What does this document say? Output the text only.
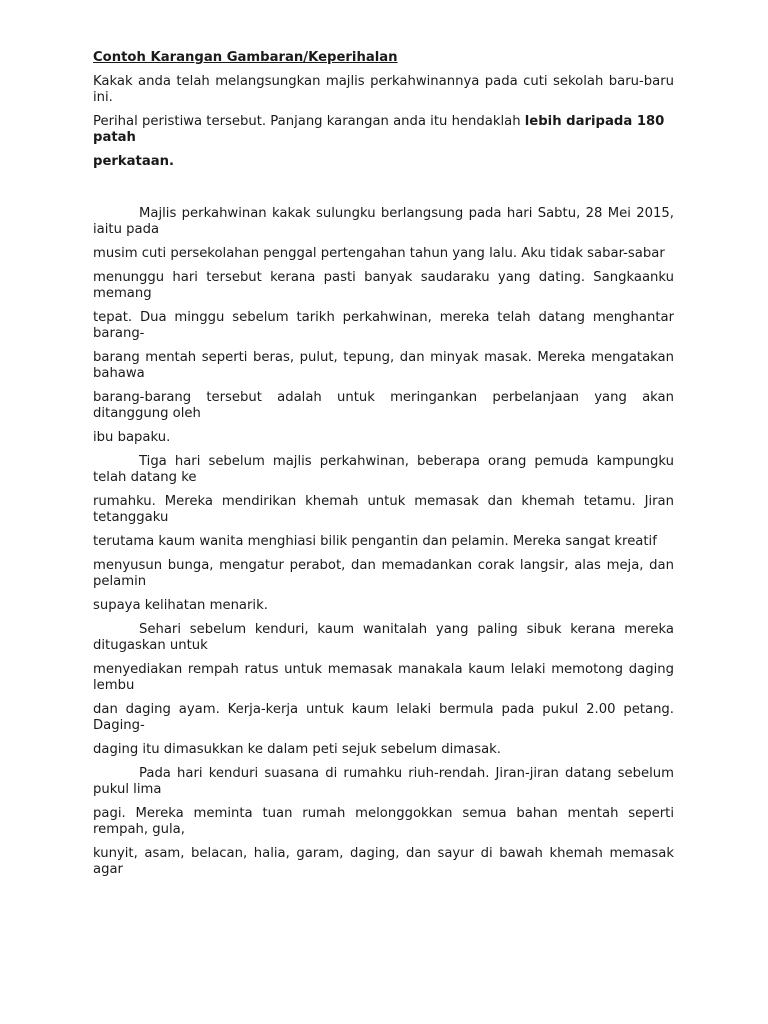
Contoh Karangan Gambaran/Keperihalan
Kakak anda telah melangsungkan majlis perkahwinannya pada cuti sekolah baru-baru ini.
Perihal peristiwa tersebut. Panjang karangan anda itu hendaklah lebih daripada 180 patah
perkataan.
Majlis perkahwinan kakak sulungku berlangsung pada hari Sabtu, 28 Mei 2015, iaitu pada
musim cuti persekolahan penggal pertengahan tahun yang lalu. Aku tidak sabar-sabar
menunggu hari tersebut kerana pasti banyak saudaraku yang dating. Sangkaanku memang
tepat. Dua minggu sebelum tarikh perkahwinan, mereka telah datang menghantar barang-
barang mentah seperti beras, pulut, tepung, dan minyak masak. Mereka mengatakan bahawa
barang-barang tersebut adalah untuk meringankan perbelanjaan yang akan ditanggung oleh
ibu bapaku.
Tiga hari sebelum majlis perkahwinan, beberapa orang pemuda kampungku telah datang ke
rumahku. Mereka mendirikan khemah untuk memasak dan khemah tetamu. Jiran tetanggaku
terutama kaum wanita menghiasi bilik pengantin dan pelamin. Mereka sangat kreatif
menyusun bunga, mengatur perabot, dan memadankan corak langsir, alas meja, dan pelamin
supaya kelihatan menarik.
Sehari sebelum kenduri, kaum wanitalah yang paling sibuk kerana mereka ditugaskan untuk
menyediakan rempah ratus untuk memasak manakala kaum lelaki memotong daging lembu
dan daging ayam. Kerja-kerja untuk kaum lelaki bermula pada pukul 2.00 petang. Daging-
daging itu dimasukkan ke dalam peti sejuk sebelum dimasak.
Pada hari kenduri suasana di rumahku riuh-rendah. Jiran-jiran datang sebelum pukul lima
pagi. Mereka meminta tuan rumah melonggokkan semua bahan mentah seperti rempah, gula,
kunyit, asam, belacan, halia, garam, daging, dan sayur di bawah khemah memasak agar
